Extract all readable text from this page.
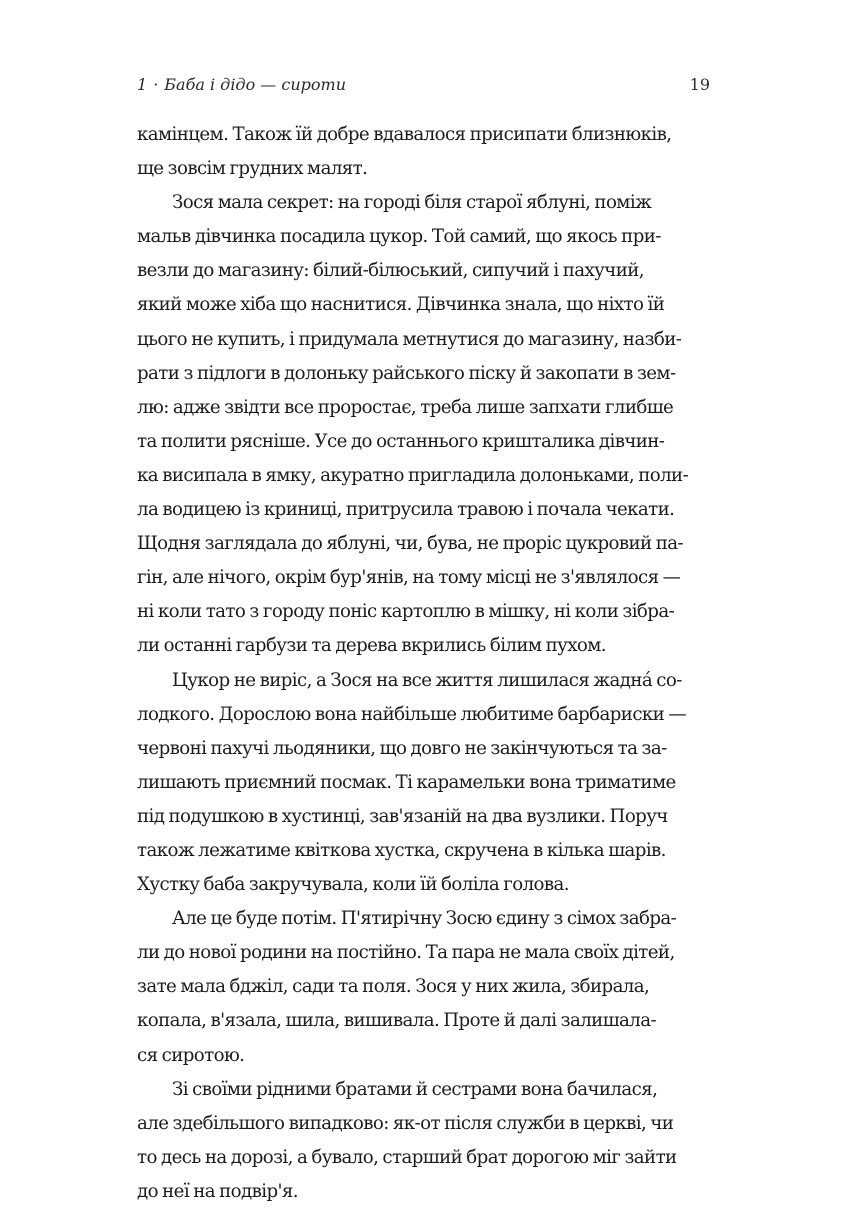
1 · Баба і дідо — сироти	19
камінцем. Також їй добре вдавалося присипати близнюків,
ще зовсім грудних малят.
Зося мала секрет: на городі біля старої яблуні, поміж
мальв дівчинка посадила цукор. Той самий, що якось при-
везли до магазину: білий-білюський, сипучий і пахучий,
який може хіба що наснитися. Дівчинка знала, що ніхто їй
цього не купить, і придумала метнутися до магазину, назби-
рати з підлоги в долоньку райського піску й закопати в зем-
лю: адже звідти все проростає, треба лише запхати глибше
та полити рясніше. Усе до останнього кришталика дівчин-
ка висипала в ямку, акуратно пригладила долоньками, поли-
ла водицею із криниці, притрусила травою і почала чекати.
Щодня заглядала до яблуні, чи, бува, не проріс цукровий па-
гін, але нічого, окрім бур'янів, на тому місці не з'являлося —
ні коли тато з городу поніс картоплю в мішку, ні коли зібра-
ли останні гарбузи та дерева вкрились білим пухом.
Цукор не виріс, а Зося на все життя лишилася жадна́ со-
лодкого. Дорослою вона найбільше любитиме барбариски —
червоні пахучі льодяники, що довго не закінчуються та за-
лишають приємний посмак. Ті карамельки вона триматиме
під подушкою в хустинці, зав'язаній на два вузлики. Поруч
також лежатиме квіткова хустка, скручена в кілька шарів.
Хустку баба закручувала, коли їй боліла голова.
Але це буде потім. П'ятирічну Зосю єдину з сімох забра-
ли до нової родини на постійно. Та пара не мала своїх дітей,
зате мала бджіл, сади та поля. Зося у них жила, збирала,
копала, в'язала, шила, вишивала. Проте й далі залишала-
ся сиротою.
Зі своїми рідними братами й сестрами вона бачилася,
але здебільшого випадково: як-от після служби в церкві, чи
то десь на дорозі, а бувало, старший брат дорогою міг зайти
до неї на подвір'я.
